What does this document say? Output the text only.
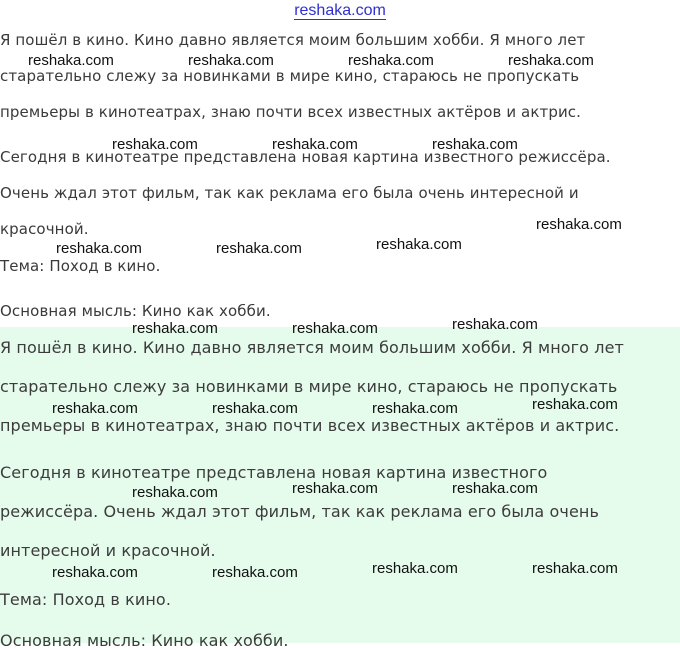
reshaka.com
Я пошёл в кино. Кино давно является моим большим хобби. Я много лет
старательно слежу за новинками в мире кино, стараюсь не пропускать
премьеры в кинотеатрах, знаю почти всех известных актёров и актрис.
Сегодня в кинотеатре представлена новая картина известного режиссёра.
Очень ждал этот фильм, так как реклама его была очень интересной и
красочной.
Тема: Поход в кино.
Основная мысль: Кино как хобби.
Я пошёл в кино. Кино давно является моим большим хобби. Я много лет
старательно слежу за новинками в мире кино, стараюсь не пропускать
премьеры в кинотеатрах, знаю почти всех известных актёров и актрис.
Сегодня в кинотеатре представлена новая картина известного
режиссёра. Очень ждал этот фильм, так как реклама его была очень
интересной и красочной.
Тема: Поход в кино.
Основная мысль: Кино как хобби.
reshaka.com	reshaka.com	reshaka.com	reshaka.com
reshaka.com	reshaka.com	reshaka.com
reshaka.com
reshaka.com	reshaka.com	reshaka.com
reshaka.com	reshaka.com	reshaka.com
reshaka.com	reshaka.com	reshaka.com	reshaka.com
reshaka.com	reshaka.com	reshaka.com
reshaka.com	reshaka.com	reshaka.com	reshaka.com
